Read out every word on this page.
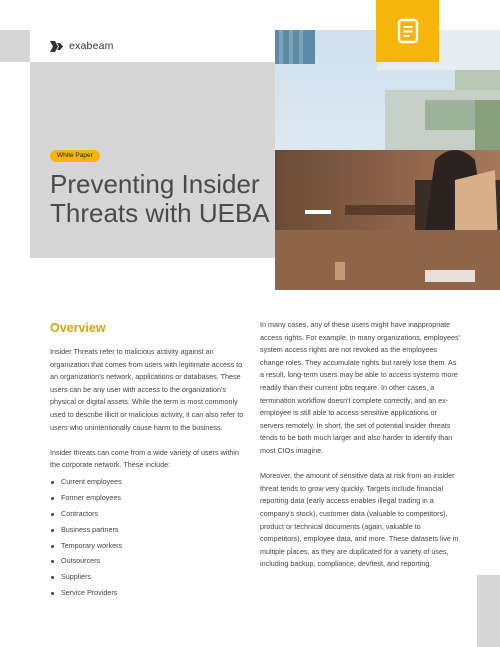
exabeam
White Paper
Preventing Insider
Threats with UEBA
Overview

Insider Threats refer to malicious activity against an organization that comes from users with legitimate access to an organization's network, applications or databases. These users can be any user with access to the organization's physical or digital assets. While the term is most commonly used to describe illicit or malicious activity, it can also refer to users who unintentionally cause harm to the business.

Insider threats can come from a wide variety of users within the corporate network. These include:

Current employees
Former employees
Contractors
Business partners
Temporary workers
Outsourcers
Suppliers
Service Providers

In many cases, any of these users might have inappropriate access rights. For example, in many organizations, employees' system access rights are not revoked as the employees change roles. They accumulate rights but rarely lose them. As a result, long-term users may be able to access systems more readily than their current jobs require. In other cases, a termination workflow doesn't complete correctly, and an ex-employee is still able to access sensitive applications or servers remotely. In short, the set of potential insider threats tends to be both much larger and also harder to identify than most CIOs imagine.

Moreover, the amount of sensitive data at risk from an insider threat tends to grow very quickly. Targets include financial reporting data (early access enables illegal trading in a company's stock), customer data (valuable to competitors), product or technical documents (again, valuable to competitors), employee data, and more. These datasets live in multiple places, as they are duplicated for a variety of uses, including backup, compliance, dev/test, and reporting.
